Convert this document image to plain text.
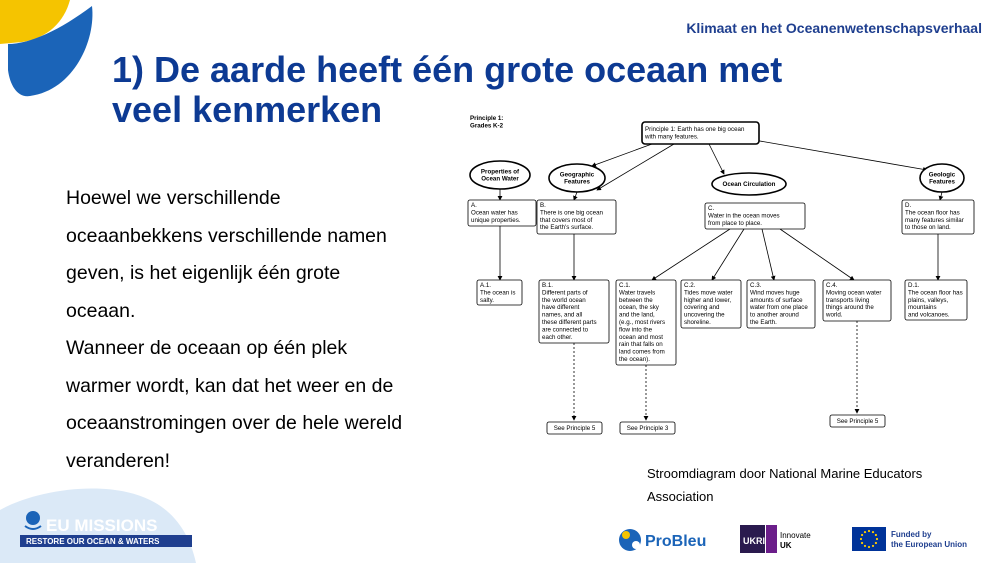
Klimaat en het Oceanenwetenschapsverhaal
1) De aarde heeft één grote oceaan met
veel kenmerken

Hoewel we verschillende oceaanbekkens verschillende namen geven, is het eigenlijk één grote oceaan.

Wanneer de oceaan op één plek warmer wordt, kan dat het weer en de oceaanstromingen over de hele wereld veranderen!

Principle 1: Earth has one big ocean
with many features.
Principle 1:
Grades K-2
Properties of
Ocean Water
Geographic
Features	Ocean Circulation
Geologic
Features
A.
Ocean water has
unique properties.
B.
There is one big ocean
that covers most of
the Earth's surface.
C.
Water in the ocean moves
from place to place.
D.
The ocean floor has
many features similar
to those on land.
A.1.
The ocean is
salty.
B.1.
Different parts of
the world ocean
have different
names, and all
these different parts
are connected to
each other.
C.1.
Water travels
between the
ocean, the sky
and the land,
(e.g., most rivers
flow into the
ocean and most
rain that falls on
land comes from
the ocean).
C.2.
Tides move water
higher and lower,
covering and
uncovering the
shoreline.
C.3.
Wind moves huge
amounts of surface
water from one place
to another around
the Earth.
C.4.
Moving ocean water
transports living
things around the
world.
D.1.
The ocean floor has
plains, valleys,
mountains
and volcanoes.
See Principle 5	See Principle 3
See Principle 5
Stroomdiagram door National Marine Educators Association
EU MISSIONS
RESTORE OUR OCEAN & WATERS	ProBleu	UKRI
Innovate
UK
Funded by
the European Union
